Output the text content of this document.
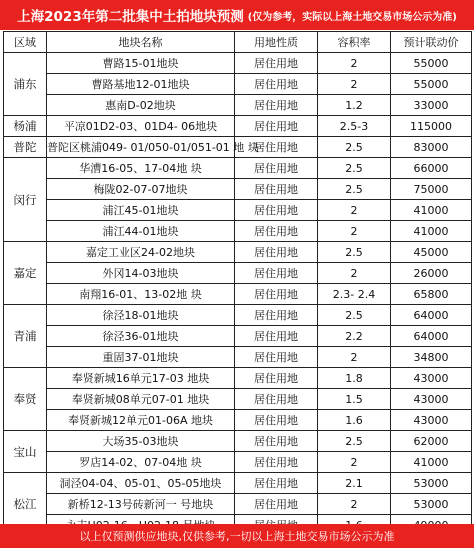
上海2023年第二批集中土拍地块预测 (仅为参考，实际以上海土地交易市场公示为准)
区域	地块名称	用地性质	容积率	预计联动价
浦东	曹路15-01地块	居住用地	2	55000
	曹路基地12-01地块	居住用地	2	55000
	惠南D-02地块	居住用地	1.2	33000
杨浦	平凉01D2-03、01D4- 06地块	居住用地	2.5-3	115000
普陀	普陀区桃浦049- 01/050-01/051-01 地 块	居住用地	2.5	83000
闵行	华漕16-05、17-04地 块	居住用地	2.5	66000
	梅陇02-07-07地块	居住用地	2.5	75000
	浦江45-01地块	居住用地	2	41000
	浦江44-01地块	居住用地	2	41000
嘉定	嘉定工业区24-02地块	居住用地	2.5	45000
	外冈14-03地块	居住用地	2	26000
	南翔16-01、13-02地 块	居住用地	2.3- 2.4	65800
青浦	徐泾18-01地块	居住用地	2.5	64000
	徐泾36-01地块	居住用地	2.2	64000
	重固37-01地块	居住用地	2	34800
奉贤	奉贤新城16单元17-03 地块	居住用地	1.8	43000
	奉贤新城08单元07-01 地块	居住用地	1.5	43000
	奉贤新城12单元01-06A 地块	居住用地	1.6	43000
宝山	大场35-03地块	居住用地	2.5	62000
	罗店14-02、07-04地 块	居住用地	2	41000
松江	洞泾04-04、05-01、05-05地块	居住用地	2.1	53000
	新桥12-13号砖新河一 号地块	居住用地	2	53000

以上仅预测供应地块,仅供参考,一切以上海土地交易市场公示为准
